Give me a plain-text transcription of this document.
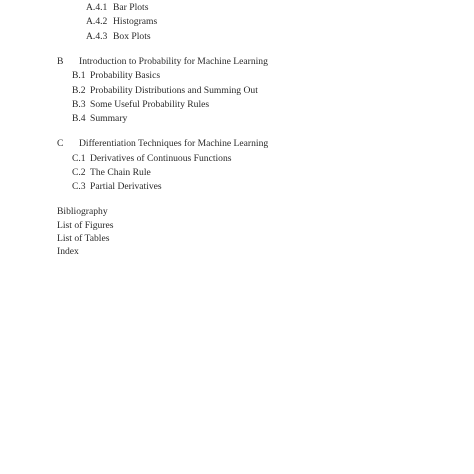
A.4.1 Bar Plots
A.4.2 Histograms
A.4.3 Box Plots
B Introduction to Probability for Machine Learning
B.1 Probability Basics
B.2 Probability Distributions and Summing Out
B.3 Some Useful Probability Rules
B.4 Summary
C Differentiation Techniques for Machine Learning
C.1 Derivatives of Continuous Functions
C.2 The Chain Rule
C.3 Partial Derivatives
Bibliography
List of Figures
List of Tables
Index
